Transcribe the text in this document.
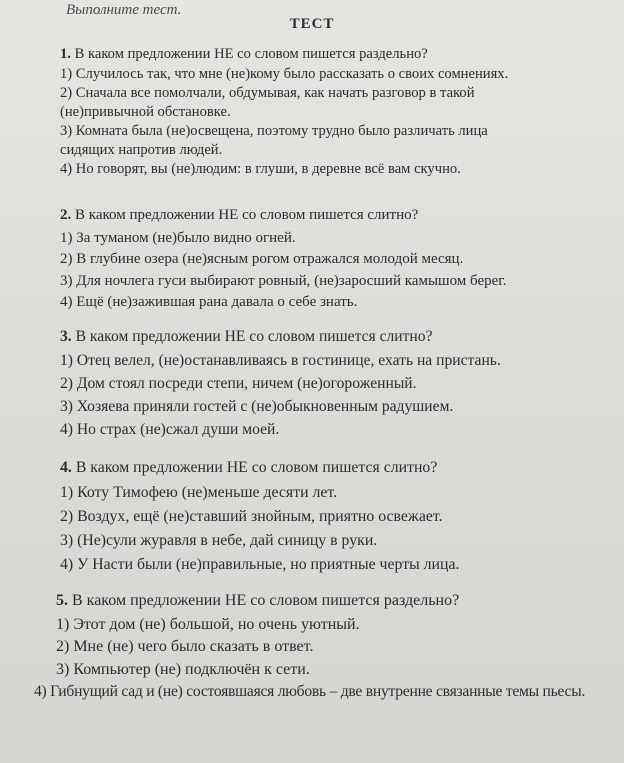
Выполните тест.
ТЕСТ
1. В каком предложении НЕ со словом пишется раздельно?
1) Случилось так, что мне (не)кому было рассказать о своих сомнениях.
2) Сначала все помолчали, обдумывая, как начать разговор в такой
(не)привычной обстановке.
3) Комната была (не)освещена, поэтому трудно было различать лица
сидящих напротив людей.
4) Но говорят, вы (не)людим: в глуши, в деревне всё вам скучно.
2. В каком предложении НЕ со словом пишется слитно?
1) За туманом (не)было видно огней.
2) В глубине озера (не)ясным рогом отражался молодой месяц.
3) Для ночлега гуси выбирают ровный, (не)заросший камышом берег.
4) Ещё (не)зажившая рана давала о себе знать.
3. В каком предложении НЕ со словом пишется слитно?
1) Отец велел, (не)останавливаясь в гостинице, ехать на пристань.
2) Дом стоял посреди степи, ничем (не)огороженный.
3) Хозяева приняли гостей с (не)обыкновенным радушием.
4) Но страх (не)сжал души моей.
4. В каком предложении НЕ со словом пишется слитно?
1) Коту Тимофею (не)меньше десяти лет.
2) Воздух, ещё (не)ставший знойным, приятно освежает.
3) (Не)сули журавля в небе, дай синицу в руки.
4) У Насти были (не)правильные, но приятные черты лица.
5. В каком предложении НЕ со словом пишется раздельно?
1) Этот дом (не) большой, но очень уютный.
2) Мне (не) чего было сказать в ответ.
3) Компьютер (не) подключён к сети.
4) Гибнущий сад и (не) состоявшаяся любовь – две внутренне связанные темы пьесы.
